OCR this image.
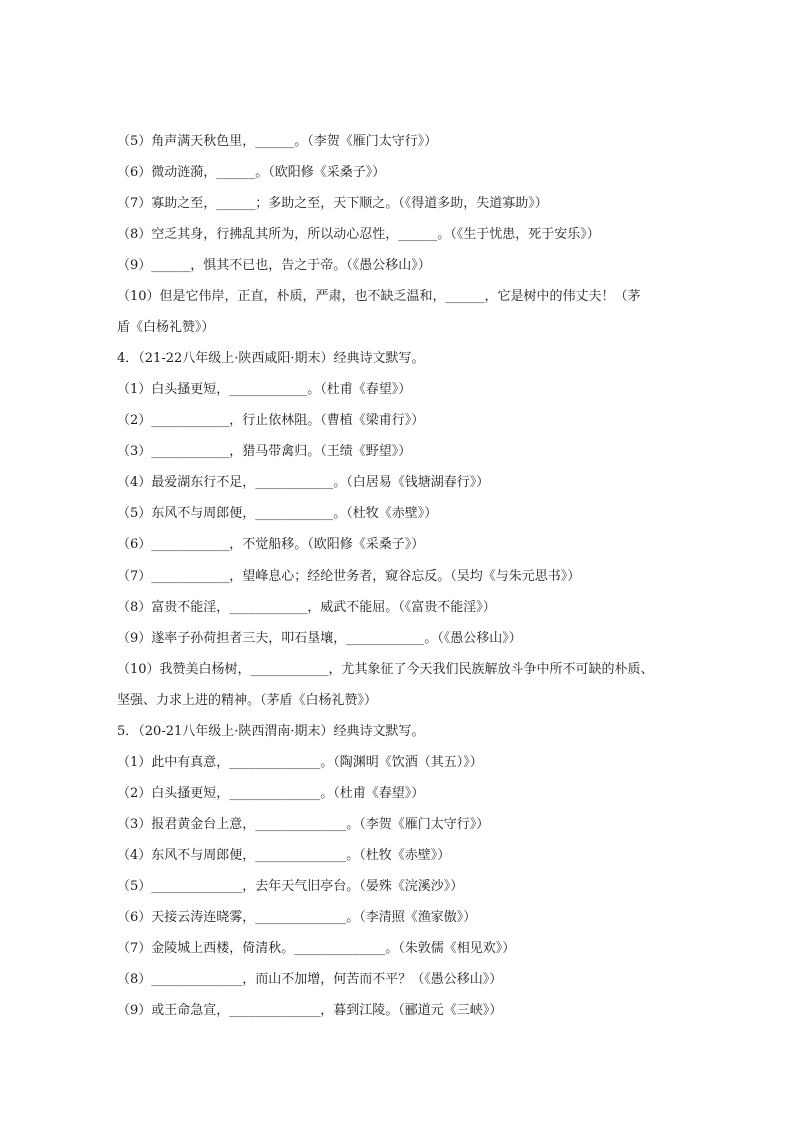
（5）角声满天秋色里，______。（李贺《雁门太守行》）
（6）微动涟漪，______。（欧阳修《采桑子》）
（7）寡助之至，______；多助之至，天下顺之。（《得道多助，失道寡助》）
（8）空乏其身，行拂乱其所为，所以动心忍性，______。（《生于忧患，死于安乐》）
（9）______，惧其不已也，告之于帝。（《愚公移山》）
（10）但是它伟岸，正直，朴质，严肃，也不缺乏温和，______，它是树中的伟丈夫！（茅
盾《白杨礼赞》）
4．（21-22八年级上·陕西咸阳·期末）经典诗文默写。
（1）白头搔更短，____________。（杜甫《春望》）
（2）____________，行止依林阻。（曹植《梁甫行》）
（3）____________，猎马带禽归。（王绩《野望》）
（4）最爱湖东行不足，____________。（白居易《钱塘湖春行》）
（5）东风不与周郎便，____________。（杜牧《赤壁》）
（6）____________，不觉船移。（欧阳修《采桑子》）
（7）____________，望峰息心；经纶世务者，窥谷忘反。（吴均《与朱元思书》）
（8）富贵不能淫，____________，威武不能屈。（《富贵不能淫》）
（9）遂率子孙荷担者三夫，叩石垦壤，____________。（《愚公移山》）
（10）我赞美白杨树，____________，尤其象征了今天我们民族解放斗争中所不可缺的朴质、
坚强、力求上进的精神。（茅盾《白杨礼赞》）
5．（20-21八年级上·陕西渭南·期末）经典诗文默写。
（1）此中有真意，______________。（陶渊明《饮酒（其五）》）
（2）白头搔更短，______________。（杜甫《春望》）
（3）报君黄金台上意，______________。（李贺《雁门太守行》）
（4）东风不与周郎便，______________。（杜牧《赤壁》）
（5）______________，去年天气旧亭台。（晏殊《浣溪沙》）
（6）天接云涛连晓雾，______________。（李清照《渔家傲》）
（7）金陵城上西楼，倚清秋。______________。（朱敦儒《相见欢》）
（8）______________，而山不加增，何苦而不平？（《愚公移山》）
（9）或王命急宣，______________，暮到江陵。（郦道元《三峡》）
